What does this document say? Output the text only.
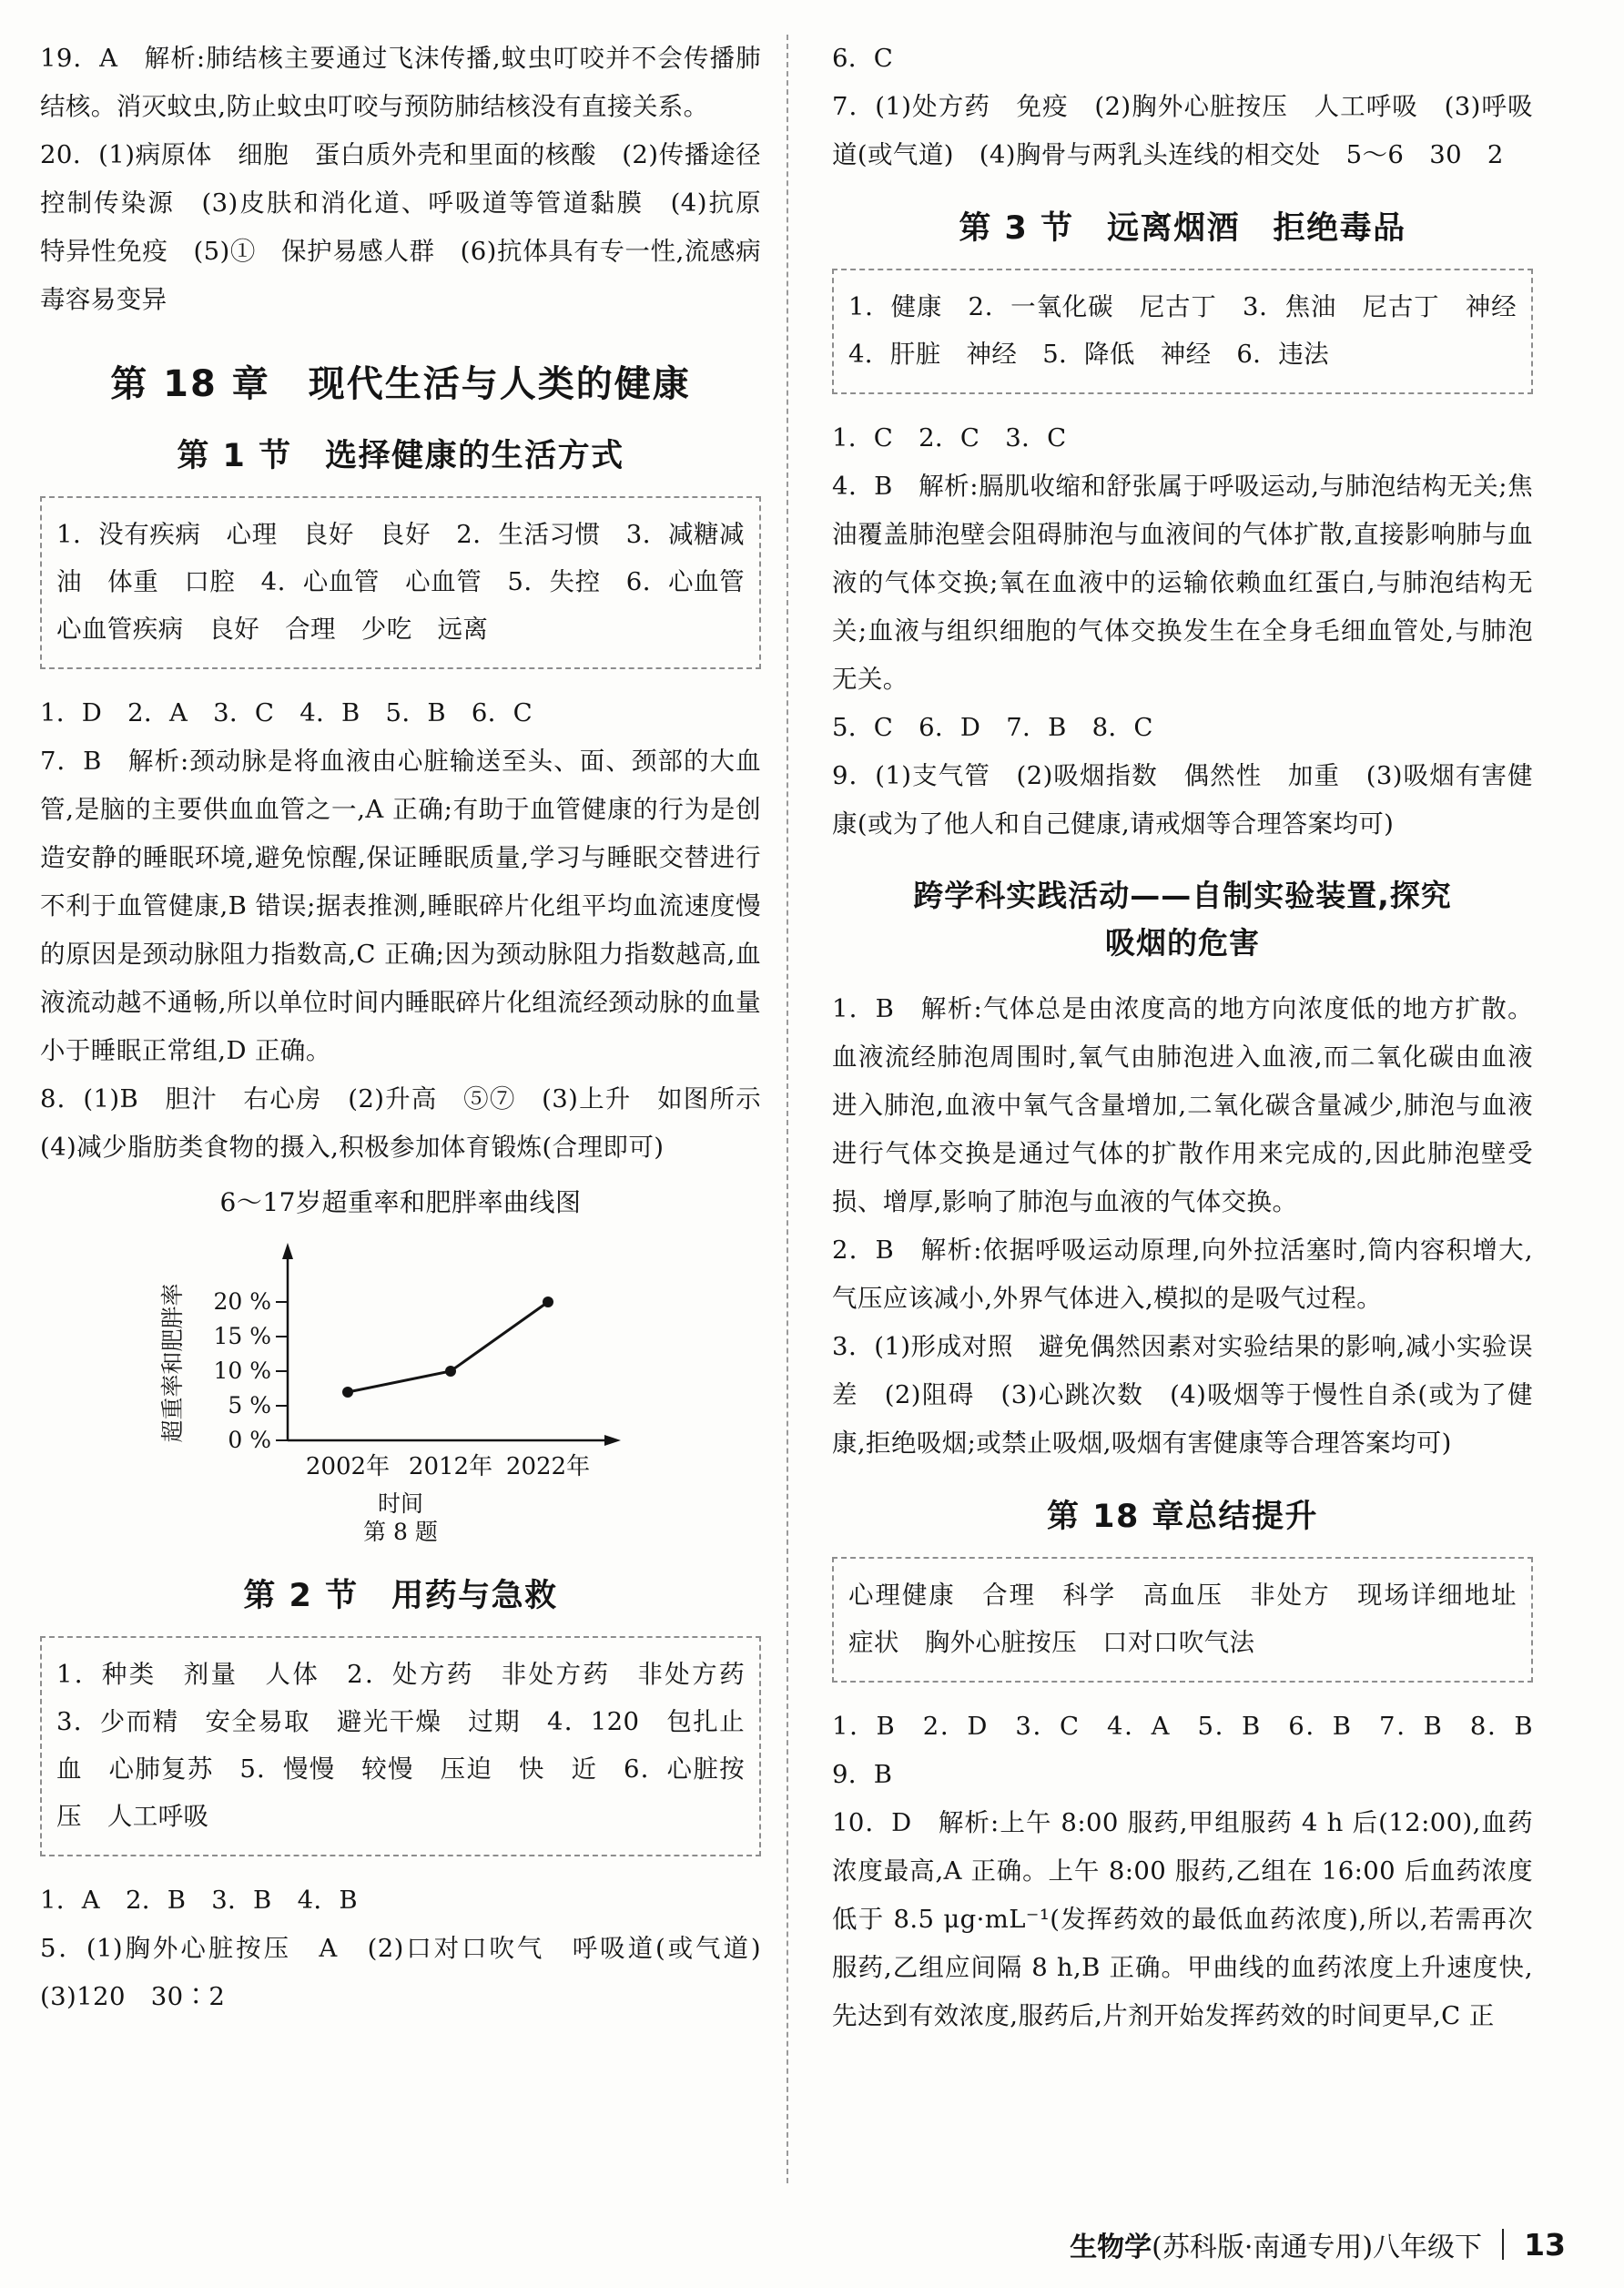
19．A　解析:肺结核主要通过飞沫传播,蚊虫叮咬并不会传播肺结核。消灭蚊虫,防止蚊虫叮咬与预防肺结核没有直接关系。
20．(1)病原体　细胞　蛋白质外壳和里面的核酸　(2)传播途径　控制传染源　(3)皮肤和消化道、呼吸道等管道黏膜　(4)抗原　特异性免疫　(5)①　保护易感人群　(6)抗体具有专一性,流感病毒容易变异
第 18 章　现代生活与人类的健康
第 1 节　选择健康的生活方式
1．没有疾病　心理　良好　良好　2．生活习惯　3．减糖减油　体重　口腔　4．心血管　心血管　5．失控　6．心血管　心血管疾病　良好　合理　少吃　远离
1．D　2．A　3．C　4．B　5．B　6．C
7．B　解析:颈动脉是将血液由心脏输送至头、面、颈部的大血管,是脑的主要供血血管之一,A 正确;有助于血管健康的行为是创造安静的睡眠环境,避免惊醒,保证睡眠质量,学习与睡眠交替进行不利于血管健康,B 错误;据表推测,睡眠碎片化组平均血流速度慢的原因是颈动脉阻力指数高,C 正确;因为颈动脉阻力指数越高,血液流动越不通畅,所以单位时间内睡眠碎片化组流经颈动脉的血量小于睡眠正常组,D 正确。
8．(1)B　胆汁　右心房　(2)升高　⑤⑦　(3)上升　如图所示　(4)减少脂肪类食物的摄入,积极参加体育锻炼(合理即可)
6～17岁超重率和肥胖率曲线图
超重率和肥胖率 0 %
5 %
10 %
15 %
20 %
2002年 2012年 2022年
时间
第 8 题
第 2 节　用药与急救
1．种类　剂量　人体　2．处方药　非处方药　非处方药　3．少而精　安全易取　避光干燥　过期　4．120　包扎止血　心肺复苏　5．慢慢　较慢　压迫　快　近　6．心脏按压　人工呼吸
1．A　2．B　3．B　4．B
5．(1)胸外心脏按压　A　(2)口对口吹气　呼吸道(或气道)　(3)120　30∶2
6．C
7．(1)处方药　免疫　(2)胸外心脏按压　人工呼吸　(3)呼吸道(或气道)　(4)胸骨与两乳头连线的相交处　5～6　30　2
第 3 节　远离烟酒　拒绝毒品
1．健康　2．一氧化碳　尼古丁　3．焦油　尼古丁　神经　4．肝脏　神经　5．降低　神经　6．违法
1．C　2．C　3．C
4．B　解析:膈肌收缩和舒张属于呼吸运动,与肺泡结构无关;焦油覆盖肺泡壁会阻碍肺泡与血液间的气体扩散,直接影响肺与血液的气体交换;氧在血液中的运输依赖血红蛋白,与肺泡结构无关;血液与组织细胞的气体交换发生在全身毛细血管处,与肺泡无关。
5．C　6．D　7．B　8．C
9．(1)支气管　(2)吸烟指数　偶然性　加重　(3)吸烟有害健康(或为了他人和自己健康,请戒烟等合理答案均可)
跨学科实践活动——自制实验装置,探究
吸烟的危害
1．B　解析:气体总是由浓度高的地方向浓度低的地方扩散。血液流经肺泡周围时,氧气由肺泡进入血液,而二氧化碳由血液进入肺泡,血液中氧气含量增加,二氧化碳含量减少,肺泡与血液进行气体交换是通过气体的扩散作用来完成的,因此肺泡壁受损、增厚,影响了肺泡与血液的气体交换。
2．B　解析:依据呼吸运动原理,向外拉活塞时,筒内容积增大,气压应该减小,外界气体进入,模拟的是吸气过程。
3．(1)形成对照　避免偶然因素对实验结果的影响,减小实验误差　(2)阻碍　(3)心跳次数　(4)吸烟等于慢性自杀(或为了健康,拒绝吸烟;或禁止吸烟,吸烟有害健康等合理答案均可)
第 18 章总结提升
心理健康　合理　科学　高血压　非处方　现场详细地址　症状　胸外心脏按压　口对口吹气法
1．B　2．D　3．C　4．A　5．B　6．B　7．B　8．B　9．B
10．D　解析:上午 8:00 服药,甲组服药 4 h 后(12:00),血药浓度最高,A 正确。上午 8:00 服药,乙组在 16:00 后血药浓度低于 8.5 μg·mL⁻¹(发挥药效的最低血药浓度),所以,若需再次服药,乙组应间隔 8 h,B 正确。甲曲线的血药浓度上升速度快,先达到有效浓度,服药后,片剂开始发挥药效的时间更早,C 正
生物学(苏科版·南通专用)八年级下 13
